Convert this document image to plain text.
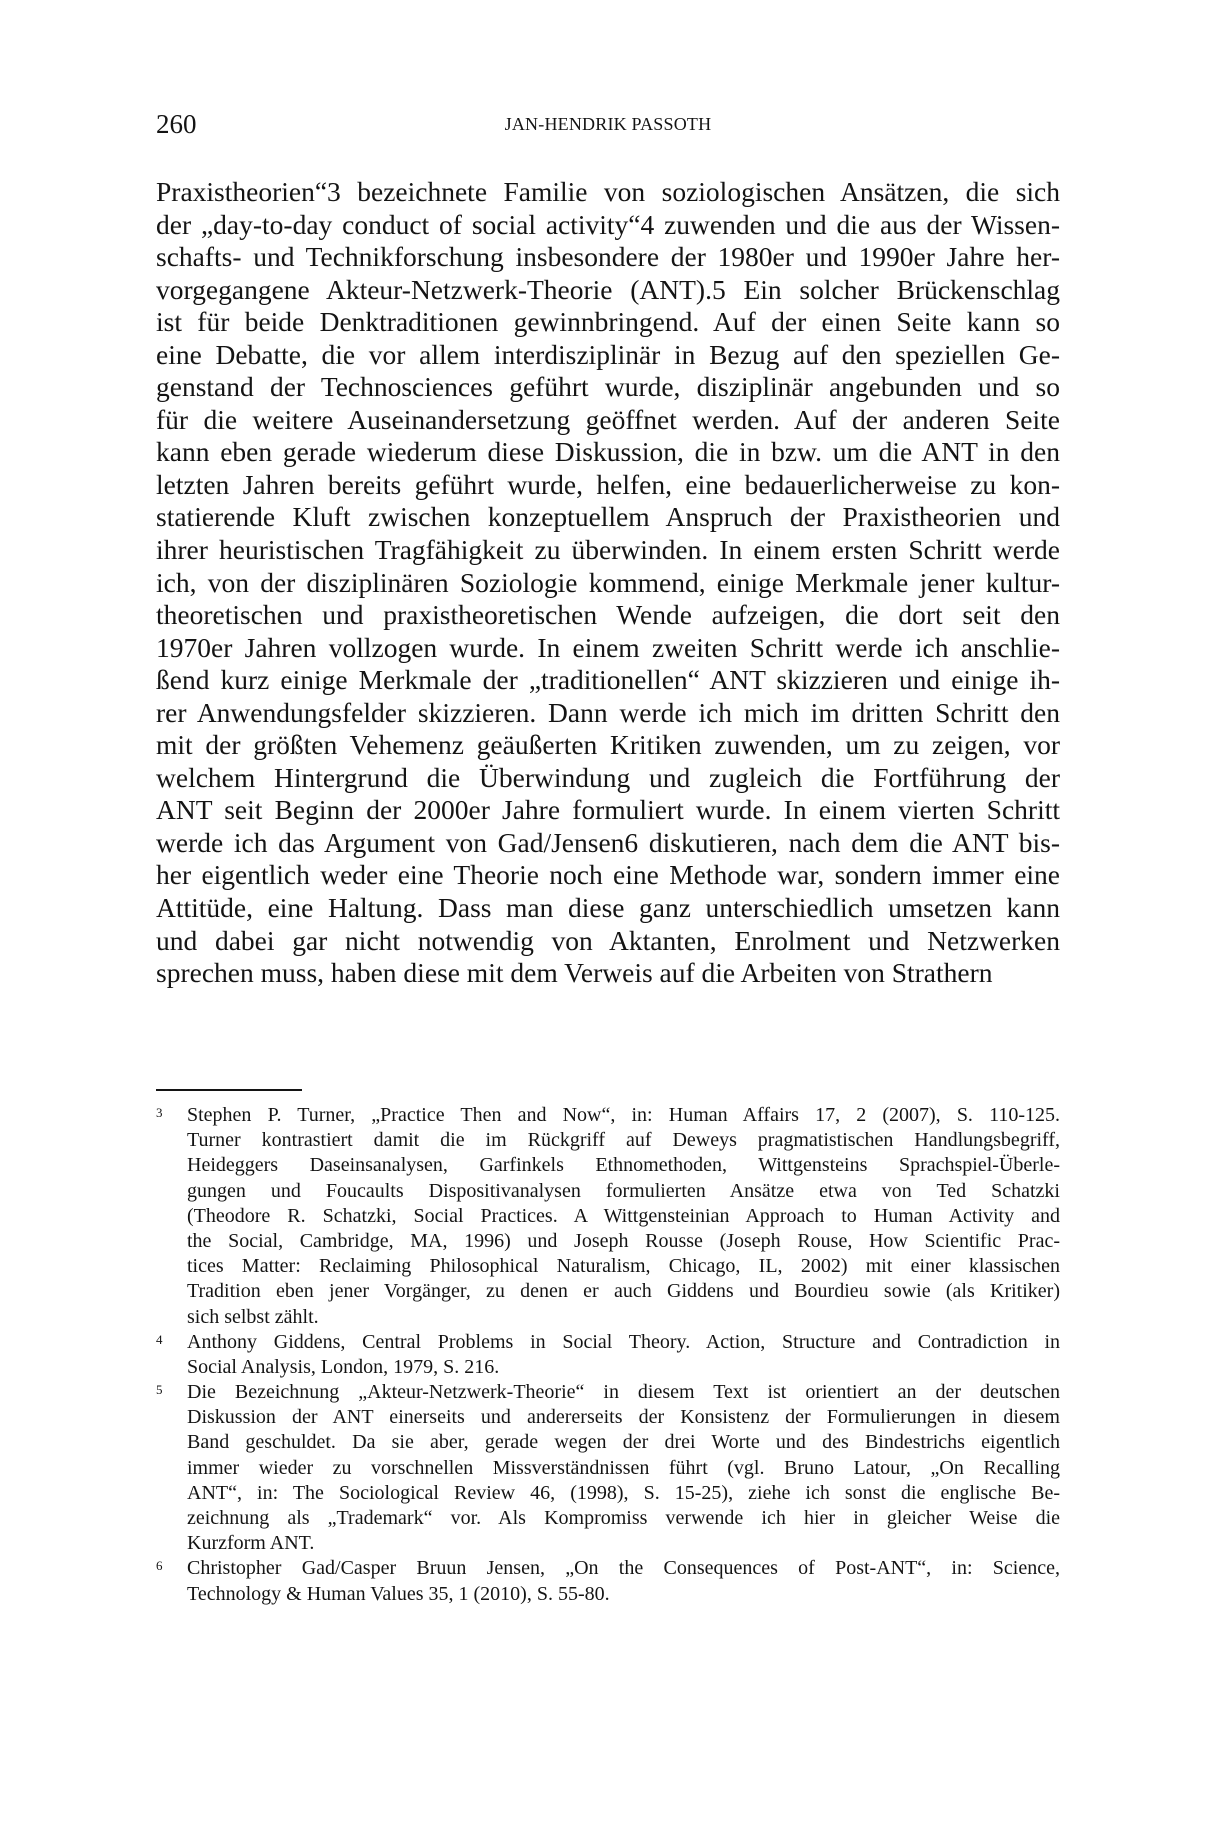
260	JAN-HENDRIK PASSOTH
Praxistheorien“3 bezeichnete Familie von soziologischen Ansätzen, die sich
der „day-to-day conduct of social activity“4 zuwenden und die aus der Wissen-
schafts- und Technikforschung insbesondere der 1980er und 1990er Jahre her-
vorgegangene Akteur-Netzwerk-Theorie (ANT).5 Ein solcher Brückenschlag
ist für beide Denktraditionen gewinnbringend. Auf der einen Seite kann so
eine Debatte, die vor allem interdisziplinär in Bezug auf den speziellen Ge-
genstand der Technosciences geführt wurde, disziplinär angebunden und so
für die weitere Auseinandersetzung geöffnet werden. Auf der anderen Seite
kann eben gerade wiederum diese Diskussion, die in bzw. um die ANT in den
letzten Jahren bereits geführt wurde, helfen, eine bedauerlicherweise zu kon-
statierende Kluft zwischen konzeptuellem Anspruch der Praxistheorien und
ihrer heuristischen Tragfähigkeit zu überwinden. In einem ersten Schritt werde
ich, von der disziplinären Soziologie kommend, einige Merkmale jener kultur-
theoretischen und praxistheoretischen Wende aufzeigen, die dort seit den
1970er Jahren vollzogen wurde. In einem zweiten Schritt werde ich anschlie-
ßend kurz einige Merkmale der „traditionellen“ ANT skizzieren und einige ih-
rer Anwendungsfelder skizzieren. Dann werde ich mich im dritten Schritt den
mit der größten Vehemenz geäußerten Kritiken zuwenden, um zu zeigen, vor
welchem Hintergrund die Überwindung und zugleich die Fortführung der
ANT seit Beginn der 2000er Jahre formuliert wurde. In einem vierten Schritt
werde ich das Argument von Gad/Jensen6 diskutieren, nach dem die ANT bis-
her eigentlich weder eine Theorie noch eine Methode war, sondern immer eine
Attitüde, eine Haltung. Dass man diese ganz unterschiedlich umsetzen kann
und dabei gar nicht notwendig von Aktanten, Enrolment und Netzwerken
sprechen muss, haben diese mit dem Verweis auf die Arbeiten von Strathern
3 Stephen P. Turner, „Practice Then and Now“, in: Human Affairs 17, 2 (2007), S. 110-125.
Turner kontrastiert damit die im Rückgriff auf Deweys pragmatistischen Handlungsbegriff,
Heideggers Daseinsanalysen, Garfinkels Ethnomethoden, Wittgensteins Sprachspiel-Überle-
gungen und Foucaults Dispositivanalysen formulierten Ansätze etwa von Ted Schatzki
(Theodore R. Schatzki, Social Practices. A Wittgensteinian Approach to Human Activity and
the Social, Cambridge, MA, 1996) und Joseph Rousse (Joseph Rouse, How Scientific Prac-
tices Matter: Reclaiming Philosophical Naturalism, Chicago, IL, 2002) mit einer klassischen
Tradition eben jener Vorgänger, zu denen er auch Giddens und Bourdieu sowie (als Kritiker)
sich selbst zählt.
4 Anthony Giddens, Central Problems in Social Theory. Action, Structure and Contradiction in
Social Analysis, London, 1979, S. 216.
5 Die Bezeichnung „Akteur-Netzwerk-Theorie“ in diesem Text ist orientiert an der deutschen
Diskussion der ANT einerseits und andererseits der Konsistenz der Formulierungen in diesem
Band geschuldet. Da sie aber, gerade wegen der drei Worte und des Bindestrichs eigentlich
immer wieder zu vorschnellen Missverständnissen führt (vgl. Bruno Latour, „On Recalling
ANT“, in: The Sociological Review 46, (1998), S. 15-25), ziehe ich sonst die englische Be-
zeichnung als „Trademark“ vor. Als Kompromiss verwende ich hier in gleicher Weise die
Kurzform ANT.
6 Christopher Gad/Casper Bruun Jensen, „On the Consequences of Post-ANT“, in: Science,
Technology & Human Values 35, 1 (2010), S. 55-80.
